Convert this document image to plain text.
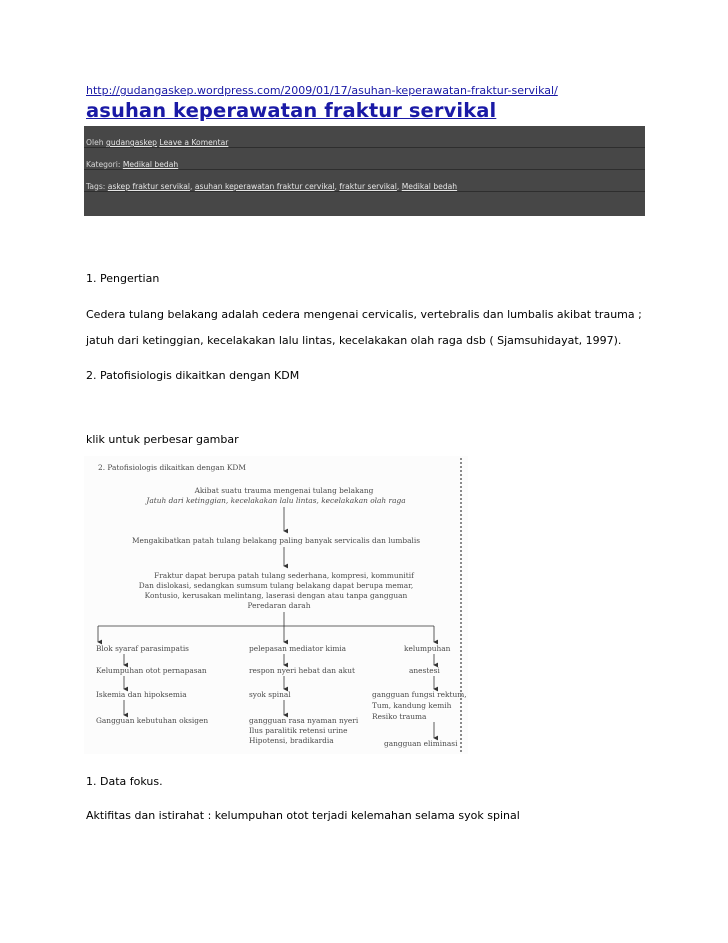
http://gudangaskep.wordpress.com/2009/01/17/asuhan-keperawatan-fraktur-servikal/
asuhan keperawatan fraktur servikal
Oleh gudangaskep Leave a Komentar
Kategori: Medikal bedah
Tags: askep fraktur servikal, asuhan keperawatan fraktur cervikal, fraktur servikal, Medikal bedah
1. Pengertian
Cedera tulang belakang adalah cedera mengenai cervicalis, vertebralis dan lumbalis akibat trauma ;
jatuh dari ketinggian, kecelakakan lalu lintas, kecelakakan olah raga dsb ( Sjamsuhidayat, 1997).
2. Patofisiologis dikaitkan dengan KDM
klik untuk perbesar gambar
2. Patofisiologis dikaitkan dengan KDM
Akibat suatu trauma mengenai tulang belakang
Jatuh dari ketinggian, kecelakakan lalu lintas, kecelakakan olah raga
Mengakibatkan patah tulang belakang paling banyak servicalis dan lumbalis
Fraktur dapat berupa patah tulang sederhana, kompresi, kommunitif
Dan dislokasi, sedangkan sumsum tulang belakang dapat berupa memar,
Kontusio, kerusakan melintang, laserasi dengan atau tanpa gangguan
Peredaran darah
Blok syaraf parasimpatis
Kelumpuhan otot pernapasan
Iskemia dan hipoksemia
Gangguan kebutuhan oksigen
pelepasan mediator kimia
respon nyeri hebat dan akut
syok spinal
gangguan rasa nyaman nyeri
Ilus paralitik retensi urine
Hipotensi, bradikardia
kelumpuhan
anestesi
gangguan fungsi rektum,
Tum, kandung kemih
Resiko trauma
gangguan eliminasi
1. Data fokus.
Aktifitas dan istirahat : kelumpuhan otot terjadi kelemahan selama syok spinal
